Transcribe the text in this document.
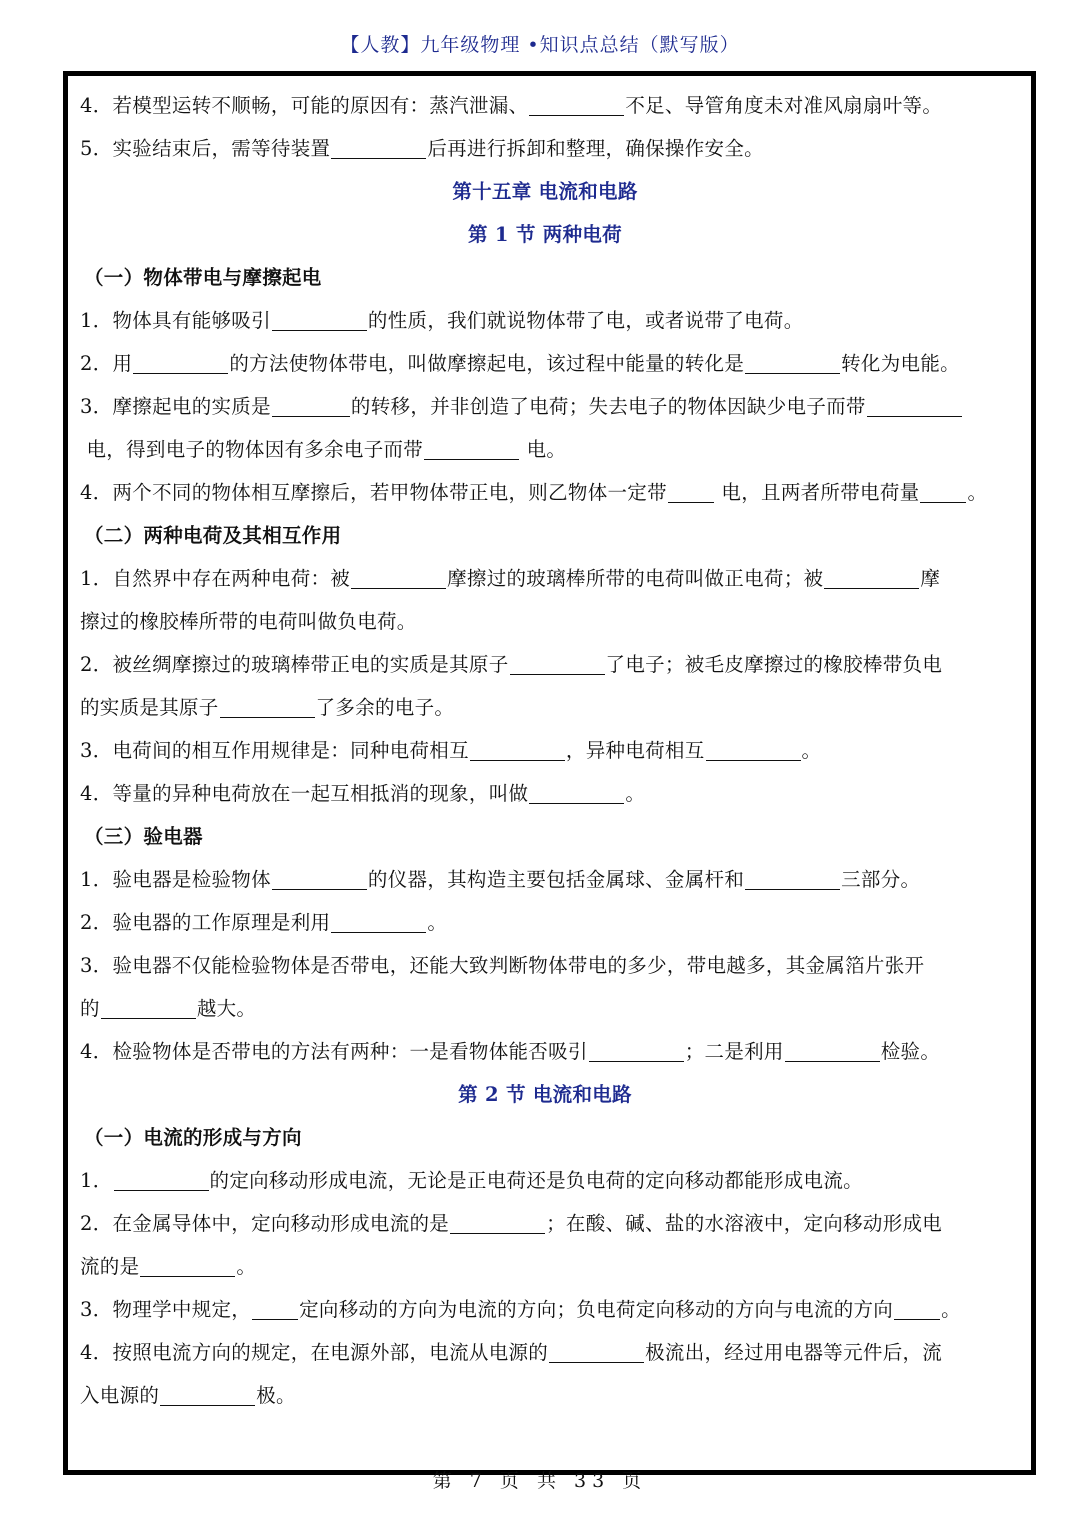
【人教】九年级物理 •知识点总结（默写版）
4．若模型运转不顺畅，可能的原因有：蒸汽泄漏、	不足、导管角度未对准风扇扇叶等。
5．实验结束后，需等待装置	后再进行拆卸和整理，确保操作安全。
第十五章 电流和电路
第 1 节 两种电荷
（一）物体带电与摩擦起电
1．物体具有能够吸引	的性质，我们就说物体带了电，或者说带了电荷。
2．用	的方法使物体带电，叫做摩擦起电，该过程中能量的转化是	转化为电能。
3．摩擦起电的实质是	的转移，并非创造了电荷；失去电子的物体因缺少电子而带
电，得到电子的物体因有多余电子而带	电。
4．两个不同的物体相互摩擦后，若甲物体带正电，则乙物体一定带	电，且两者所带电荷量 。
（二）两种电荷及其相互作用
1．自然界中存在两种电荷：被	摩擦过的玻璃棒所带的电荷叫做正电荷；被	摩
擦过的橡胶棒所带的电荷叫做负电荷。
2．被丝绸摩擦过的玻璃棒带正电的实质是其原子	了电子；被毛皮摩擦过的橡胶棒带负电
的实质是其原子	了多余的电子。
3．电荷间的相互作用规律是：同种电荷相互	，异种电荷相互	。
4．等量的异种电荷放在一起互相抵消的现象，叫做	。
（三）验电器
1．验电器是检验物体	的仪器，其构造主要包括金属球、金属杆和	三部分。
2．验电器的工作原理是利用	。
3．验电器不仅能检验物体是否带电，还能大致判断物体带电的多少，带电越多，其金属箔片张开
的	越大。
4．检验物体是否带电的方法有两种：一是看物体能否吸引	；二是利用	检验。
第 2 节 电流和电路
（一）电流的形成与方向
1．	的定向移动形成电流，无论是正电荷还是负电荷的定向移动都能形成电流。
2．在金属导体中，定向移动形成电流的是	；在酸、碱、盐的水溶液中，定向移动形成电
流的是	。
3．物理学中规定， 定向移动的方向为电流的方向；负电荷定向移动的方向与电流的方向 。
4．按照电流方向的规定，在电源外部，电流从电源的	极流出，经过用电器等元件后，流
入电源的	极。
第 7 页 共 33 页
